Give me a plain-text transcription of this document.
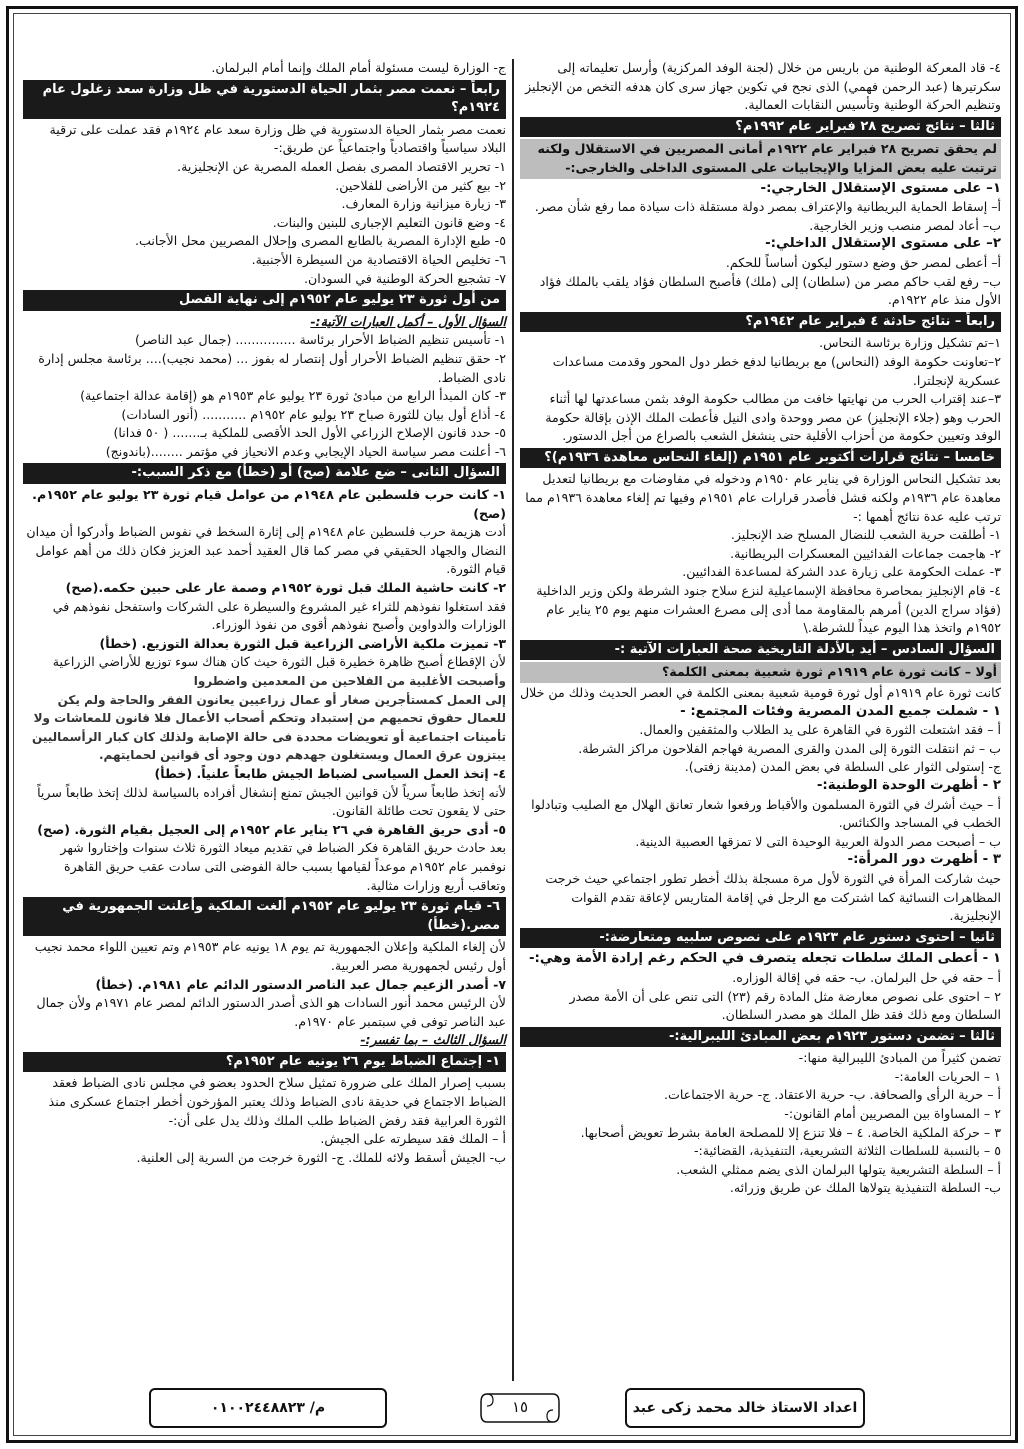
٤- قاد المعركة الوطنية من باريس من خلال (لجنة الوفد المركزية) وأرسل تعليماته إلى سكرتيرها (عبد الرحمن فهمي) الذى نجح في تكوين جهاز سرى كان هدفه التخص من الإنجليز وتنظيم الحركة الوطنية وتأسيس النقابات العمالية.

ثالثا – نتائج تصريح ٢٨ فبراير عام ١٩٩٢م؟

لم يحقق تصريح ٢٨ فبراير عام ١٩٢٢م أمانى المصريين في الاستقلال ولكنه ترتبت عليه بعض المزايا والإيجابيات على المستوى الداخلى والخارجى:-

١– على مستوى الإستقلال الخارجي:-

أ– إسقاط الحماية البريطانية والإعتراف بمصر دولة مستقلة ذات سيادة مما رفع شأن مصر.

ب– أعاد لمصر منصب وزير الخارجية.

٢– على مستوى الإستقلال الداخلي:-

أ– أعطى لمصر حق وضع دستور ليكون أساساً للحكم.

ب– رفع لقب حاكم مصر من (سلطان) إلى (ملك) فأصبح السلطان فؤاد يلقب بالملك فؤاد الأول منذ عام ١٩٢٢م.

رابعاً – نتائج حادثة ٤ فبراير عام ١٩٤٢م؟

١–تم تشكيل وزارة برئاسة النحاس.

٢–تعاونت حكومة الوفد (النحاس) مع بريطانيا لدفع خطر دول المحور وقدمت مساعدات عسكرية لإنجلترا.

٣–عند إقتراب الحرب من نهايتها خافت من مطالب حكومة الوفد بثمن مساعدتها لها أثناء الحرب وهو (جلاء الإنجليز) عن مصر ووحدة وادى النيل فأعطت الملك الإذن بإقالة حكومة الوفد وتعيين حكومة من أحزاب الأقلية حتى ينشغل الشعب بالصراع من أجل الدستور.

خامسا – نتائج قرارات أكتوبر عام ١٩٥١م (إلغاء النحاس معاهدة ١٩٣٦م)؟

بعد تشكيل النحاس الوزارة في يناير عام ١٩٥٠م ودخوله في مفاوضات مع بريطانيا لتعديل معاهدة عام ١٩٣٦م ولكنه فشل فأصدر قرارات عام ١٩٥١م وفيها تم إلغاء معاهدة ١٩٣٦م مما ترتب عليه عدة نتائج أهمها :-

١- أطلقت حرية الشعب للنضال المسلح ضد الإنجليز.

٢- هاجمت جماعات الفدائيين المعسكرات البريطانية.

٣- عملت الحكومة على زيارة عدد الشركة لمساعدة الفدائيين.

٤- قام الإنجليز بمحاصرة محافظة الإسماعيلية لنزع سلاح جنود الشرطة ولكن وزير الداخلية (فؤاد سراج الدين) أمرهم بالمقاومة مما أدى إلى مصرع العشرات منهم يوم ٢٥ يناير عام ١٩٥٢م واتخذ هذا اليوم عيداً للشرطة.\

السؤال السادس – أيد بالأدلة التاريخية صحة العبارات الآتية :-

أولا – كانت ثورة عام ١٩١٩م ثورة شعبية بمعنى الكلمة؟

كانت ثورة عام ١٩١٩م أول ثورة قومية شعبية بمعنى الكلمة في العصر الحديث وذلك من خلال

١ - شملت جميع المدن المصرية وفئات المجتمع: -

أ – فقد اشتعلت الثورة في القاهرة على يد الطلاب والمثقفين والعمال.

ب – ثم انتقلت الثورة إلى المدن والقرى المصرية فهاجم الفلاحون مراكز الشرطة.

ج- إستولى الثوار على السلطة في بعض المدن (مدينة زفتى).

٢ - أظهرت الوحدة الوطنية:-

أ – حيث أشرك في الثورة المسلمون والأقباط ورفعوا شعار تعانق الهلال مع الصليب وتبادلوا الخطب في المساجد والكنائس.

ب – أصبحت مصر الدولة العربية الوحيدة التى لا تمزقها العصبية الدينية.

٣ - أظهرت دور المرأة:-

حيث شاركت المرأة في الثورة لأول مرة مسجلة بذلك أخطر تطور اجتماعي حيث خرجت المظاهرات النسائية كما اشتركت مع الرجل في إقامة المتاريس لإعاقة تقدم القوات الإنجليزية.

ثانيا – احتوى دستور عام ١٩٢٣م على نصوص سلبيه ومتعارضة:-

١ - أعطى الملك سلطات تجعله يتصرف في الحكم رغم إرادة الأمة وهي:-

أ – حقه في حل البرلمان. ب- حقه في إقالة الوزاره.

٢ – احتوى على نصوص معارضة مثل المادة رقم (٢٣) التى تنص على أن الأمة مصدر السلطان ومع ذلك فقد ظل الملك هو مصدر السلطان.

ثالثا – تضمن دستور ١٩٢٣م بعض المبادئ الليبرالية:-

تضمن كثيراً من المبادئ الليبرالية منها:-

١ – الحريات العامة:-

أ – حرية الرأى والصحافة. ب- حرية الاعتقاد. ج- حرية الاجتماعات.

٢ – المساواة بين المصريين أمام القانون:-

٣ – حركة الملكية الخاصة. ٤ – فلا تنزع إلا للمصلحة العامة بشرط تعويض أصحابها.

٥ – بالنسبة للسلطات الثلاثة التشريعية، التنفيذية، القضائية:-

أ – السلطة التشريعية يتولها البرلمان الذى يضم ممثلي الشعب.

ب- السلطة التنفيذية يتولاها الملك عن طريق وزرائه.

ج- الوزارة ليست مسئولة أمام الملك وإنما أمام البرلمان.

رابعاً – نعمت مصر بثمار الحياة الدستورية في ظل وزارة سعد زغلول عام ١٩٢٤م؟

نعمت مصر بثمار الحياة الدستورية في ظل وزارة سعد عام ١٩٢٤م فقد عملت على ترقية البلاد سياسياً واقتصادياً واجتماعياً عن طريق:-

١- تحرير الاقتصاد المصرى بفصل العمله المصرية عن الإنجليزية.

٢- بيع كثير من الأراضى للفلاحين.

٣- زيارة ميزانية وزارة المعارف.

٤- وضع قانون التعليم الإجبارى للبنين والبنات.

٥- طبع الإدارة المصرية بالطابع المصرى وإحلال المصريين محل الأجانب.

٦- تخليص الحياة الاقتصادية من السيطرة الأجنبية.

٧- تشجيع الحركة الوطنية في السودان.

من أول ثورة ٢٣ يوليو عام ١٩٥٢م إلى نهاية الفصل

السؤال الأول – أكمل العبارات الآتية:-

١- تأسيس تنظيم الضباط الأحرار برئاسة ............... (جمال عبد الناصر)

٢- حقق تنظيم الضباط الأحرار أول إنتصار له بفوز ... (محمد نجيب).... برئاسة مجلس إدارة نادى الضباط.

٣- كان المبدأ الرابع من مبادئ ثورة ٢٣ يوليو عام ١٩٥٣م هو (إقامة عدالة اجتماعية)

٤- أذاع أول بيان للثورة صباح ٢٣ يوليو عام ١٩٥٢م ........... (أنور السادات)

٥- حدد قانون الإصلاح الزراعي الأول الحد الأقصى للملكية بـ....... ( ٥٠ فدانا)

٦- أعلنت مصر سياسة الحياد الإيجابي وعدم الانحياز في مؤتمر ........(باندونج)

السؤال الثانى – ضع علامة (صح) أو (خطأ) مع ذكر السبب:-

١- كانت حرب فلسطين عام ١٩٤٨م من عوامل قيام ثورة ٢٣ يوليو عام ١٩٥٢م.(صح)

أدت هزيمة حرب فلسطين عام ١٩٤٨م إلى إثارة السخط في نفوس الضباط وأدركوا أن ميدان النضال والجهاد الحقيقي في مصر كما قال العقيد أحمد عبد العزيز فكان ذلك من أهم عوامل قيام الثورة.

٢- كانت حاشية الملك قبل ثورة ١٩٥٢م وصمة عار على حبين حكمه.(صح)

فقد استغلوا نفوذهم للثراء غير المشروع والسيطرة على الشركات واستفحل نفوذهم في الوزارات والدواوين وأصبح نفوذهم أقوى من نفوذ الوزراء.

٣- تميزت ملكية الأراضى الزراعية قبل الثورة بعدالة التوزيع. (خطأ)

لأن الإقطاع أصبح ظاهرة خطيرة قبل الثورة حيث كان هناك سوء توزيع للأراضي الزراعية

وأصبحت الأغلبية من الفلاحين من المعدمين واضطروا

إلى العمل كمستأجرين صغار أو عمال زراعيين يعانون الفقر والحاجة ولم يكن للعمال حقوق تحميهم من إستبداد وتحكم أصحاب الأعمال فلا قانون للمعاشات ولا تأمينات اجتماعية أو تعويضات محددة فى حالة الإصابة ولذلك كان كبار الرأسماليين يبتزون عرق العمال ويستغلون جهدهم دون وجود أى قوانين لحمايتهم.

٤- إتخذ العمل السياسى لضباط الجيش طابعاً علنياً. (خطأ)

لأنه إتخذ طابعاً سرياً لأن قوانين الجيش تمنع إنشغال أفراده بالسياسة لذلك إتخذ طابعاً سرياً حتى لا يقعون تحت طائلة القانون.

٥- أدى حريق القاهرة في ٢٦ يناير عام ١٩٥٢م إلى العجيل بقيام الثورة. (صح)

بعد حادث حريق القاهرة فكر الضباط في تقديم ميعاد الثورة ثلاث سنوات وإختاروا شهر نوفمبر عام ١٩٥٢م موعداً لقيامها بسبب حالة الفوضى التى سادت عقب حريق القاهرة وتعاقب أربع وزارات مثالية.

٦- قيام ثورة ٢٣ يوليو عام ١٩٥٢م ألغت الملكية وأعلنت الجمهورية في مصر.(خطأ)

لأن إلغاء الملكية وإعلان الجمهورية تم يوم ١٨ يونيه عام ١٩٥٣م وتم تعيين اللواء محمد نجيب أول رئيس لجمهورية مصر العربية.

٧- أصدر الزعيم جمال عبد الناصر الدستور الدائم عام ١٩٨١م. (خطأ)

لأن الرئيس محمد أنور السادات هو الذى أصدر الدستور الدائم لمصر عام ١٩٧١م ولأن جمال عبد الناصر توفى في سبتمبر عام ١٩٧٠م.

السؤال الثالث – بما تفسر:-

١- إجتماع الضباط يوم ٢٦ يونيه عام ١٩٥٢م؟

بسبب إصرار الملك على ضرورة تمثيل سلاح الحدود بعضو في مجلس نادى الضباط فعقد الضباط الاجتماع في حديقة نادى الضباط وذلك يعتبر المؤرخون أخطر اجتماع عسكرى منذ الثورة العرابية فقد رفض الضباط طلب الملك وذلك يدل على أن:-

أ – الملك فقد سيطرته على الجيش.

ب- الجيش أسقط ولائه للملك. ج- الثورة خرجت من السرية إلى العلنية.

اعداد الاستاذ خالد محمد زكى عبد
١٥
م/ ٠١٠٠٢٤٤٨٨٢٣
